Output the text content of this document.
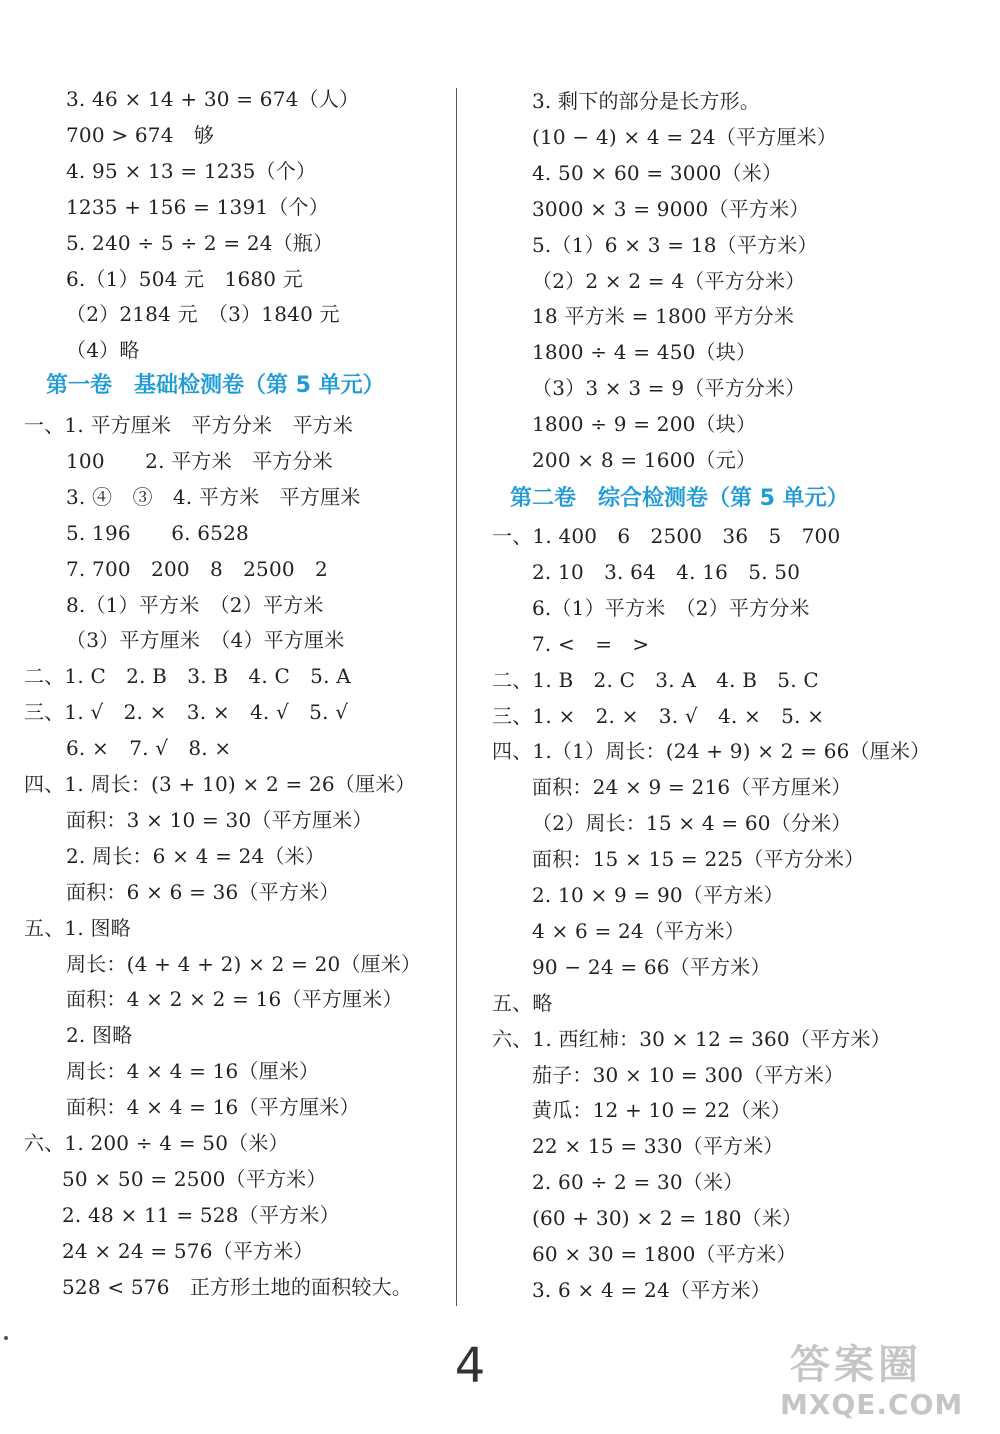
3. 46 × 14 + 30 = 674（人）
700 > 674　够
4. 95 × 13 = 1235（个）
1235 + 156 = 1391（个）
5. 240 ÷ 5 ÷ 2 = 24（瓶）
6.（1）504 元　1680 元
（2）2184 元　（3）1840 元
（4）略
第一卷　基础检测卷（第 5 单元）
一、1. 平方厘米　平方分米　平方米
100　　2. 平方米　平方分米
3. ④　③　4. 平方米　平方厘米
5. 196　　6. 6528
7. 700　200　8　2500　2
8.（1）平方米　（2）平方米
（3）平方厘米　（4）平方厘米
二、1. C　2. B　3. B　4. C　5. A
三、1. √　2. ×　3. ×　4. √　5. √
6. ×　7. √　8. ×
四、1. 周长：(3 + 10) × 2 = 26（厘米）
面积：3 × 10 = 30（平方厘米）
2. 周长：6 × 4 = 24（米）
面积：6 × 6 = 36（平方米）
五、1. 图略
周长：(4 + 4 + 2) × 2 = 20（厘米）
面积：4 × 2 × 2 = 16（平方厘米）
2. 图略
周长：4 × 4 = 16（厘米）
面积：4 × 4 = 16（平方厘米）
六、1. 200 ÷ 4 = 50（米）
50 × 50 = 2500（平方米）
2. 48 × 11 = 528（平方米）
24 × 24 = 576（平方米）
528 < 576　正方形土地的面积较大。
3. 剩下的部分是长方形。
(10 − 4) × 4 = 24（平方厘米）
4. 50 × 60 = 3000（米）
3000 × 3 = 9000（平方米）
5.（1）6 × 3 = 18（平方米）
（2）2 × 2 = 4（平方分米）
18 平方米 = 1800 平方分米
1800 ÷ 4 = 450（块）
（3）3 × 3 = 9（平方分米）
1800 ÷ 9 = 200（块）
200 × 8 = 1600（元）
第二卷　综合检测卷（第 5 单元）
一、1. 400　6　2500　36　5　700
2. 10　3. 64　4. 16　5. 50
6.（1）平方米　（2）平方分米
7. <　=　>
二、1. B　2. C　3. A　4. B　5. C
三、1. ×　2. ×　3. √　4. ×　5. ×
四、1.（1）周长：(24 + 9) × 2 = 66（厘米）
面积：24 × 9 = 216（平方厘米）
（2）周长：15 × 4 = 60（分米）
面积：15 × 15 = 225（平方分米）
2. 10 × 9 = 90（平方米）
4 × 6 = 24（平方米）
90 − 24 = 66（平方米）
五、略
六、1. 西红柿：30 × 12 = 360（平方米）
茄子：30 × 10 = 300（平方米）
黄瓜：12 + 10 = 22（米）
22 × 15 = 330（平方米）
2. 60 ÷ 2 = 30（米）
(60 + 30) × 2 = 180（米）
60 × 30 = 1800（平方米）
3. 6 × 4 = 24（平方米）
4	答案圈
MXQE.COM
